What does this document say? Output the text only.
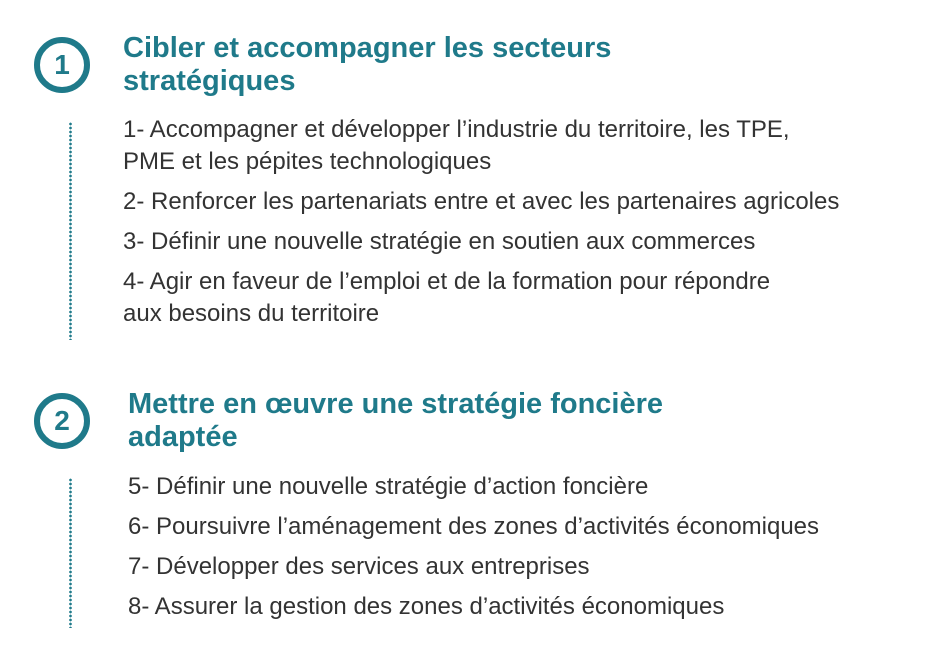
1
Cibler et accompagner les secteurs
stratégiques
1- Accompagner et développer l’industrie du territoire, les TPE,
PME et les pépites technologiques
2- Renforcer les partenariats entre et avec les partenaires agricoles
3- Définir une nouvelle stratégie en soutien aux commerces
4- Agir en faveur de l’emploi et de la formation pour répondre
aux besoins du territoire
2
Mettre en œuvre une stratégie foncière
adaptée
5- Définir une nouvelle stratégie d’action foncière
6- Poursuivre l’aménagement des zones d’activités économiques
7- Développer des services aux entreprises
8- Assurer la gestion des zones d’activités économiques
